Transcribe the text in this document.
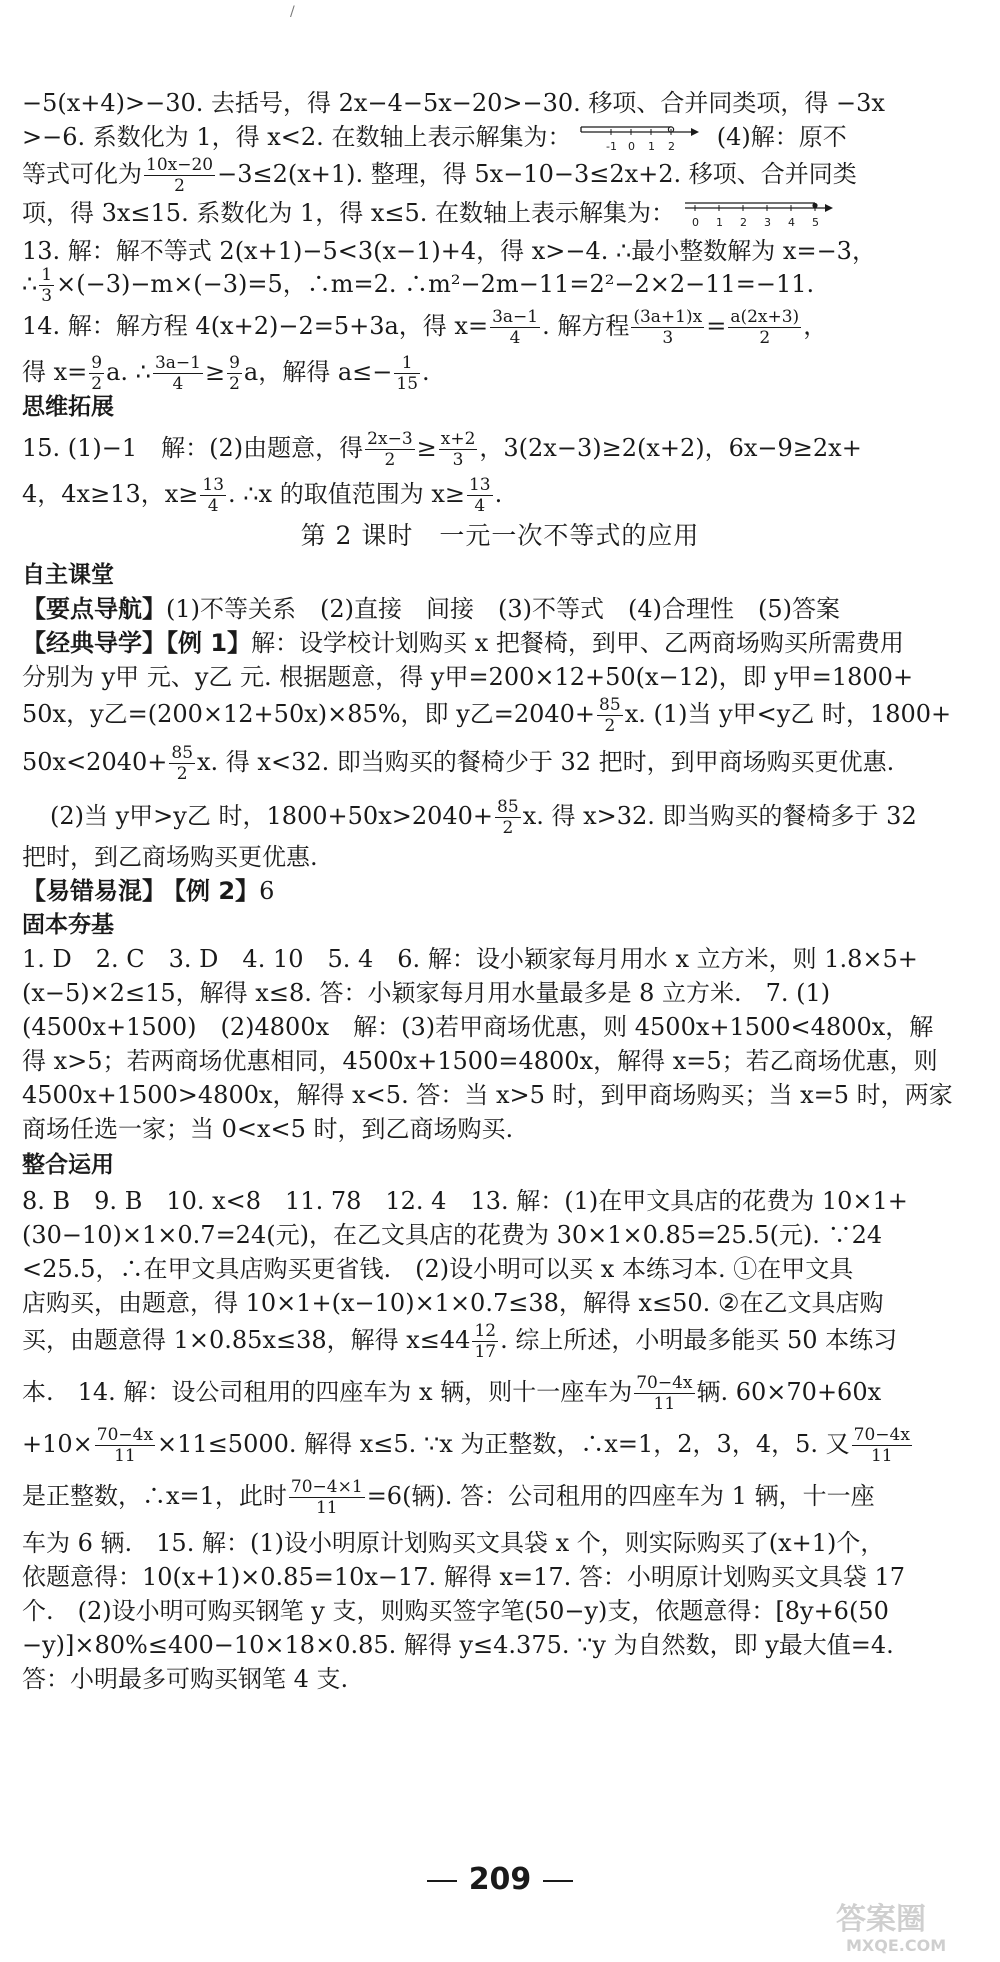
/
−5(x+4)>−30. 去括号，得 2x−4−5x−20>−30. 移项、合并同类项，得 −3x
>−6. 系数化为 1，得 x<2. 在数轴上表示解集为：	-1 0 1 2 (4)解：原不
等式可化为 $\frac{10x-20}{2} -3\le 2(x+1)$. 整理，得 5x−10−3≤2x+2. 移项、合并同类
项，得 3x≤15. 系数化为 1，得 x≤5. 在数轴上表示解集为： 0 1 2 3 4 5
13. 解：解不等式 2(x+1)−5<3(x−1)+4，得 x>−4. ∴最小整数解为 x=−3，
∴ $\frac{1}{3} \times(-3)-m\times(-3)=5$，∴m=2. ∴m²−2m−11=2²−2×2−11=−11.
14. 解：解方程 4(x+2)−2=5+3a，得 $x= \frac{3a-1}{4}$ . 解方程 $\frac{(3a+1)x}{3} = \frac{a(2x+3)}{2}$ ，
得 $x= \frac{9}{2} a$. ∴ $\frac{3a-1}{4} \ge \frac{9}{2}$ a，解得 $a\le- \frac{1}{15}$ .
思维拓展
15. (1)−1　解：(2)由题意，得 $\frac{2x-3}{2} \ge \frac{x+2}{3}$ ，3(2x−3)≥2(x+2)，6x−9≥2x+
4，4x≥13，$x\ge \frac{13}{4}$ . ∴x 的取值范围为 $x\ge \frac{13}{4}$ .
第 2 课时　一元一次不等式的应用
自主课堂
【要点导航】(1)不等关系　(2)直接　间接　(3)不等式　(4)合理性　(5)答案
【经典导学】【例 1】解：设学校计划购买 x 把餐椅，到甲、乙两商场购买所需费用
分别为 y甲 元、y乙 元. 根据题意，得 y甲=200×12+50(x−12)，即 y甲=1800+
50x，y乙=(200×12+50x)×85%，即 y乙$=2040+ \frac{85}{2} x$. (1)当 y甲<y乙 时，1800+
$50x<2040+ \frac{85}{2} x$. 得 x<32. 即当购买的餐椅少于 32 把时，到甲商场购买更优惠.
(2)当 y甲>y乙 时，$1800+50x>2040+ \frac{85}{2} x$. 得 x>32. 即当购买的餐椅多于 32
把时，到乙商场购买更优惠.
【易错易混】 【例 2】6
固本夯基
1. D　2. C　3. D　4. 10　5. 4　6. 解：设小颖家每月用水 x 立方米，则 1.8×5+
(x−5)×2≤15，解得 x≤8. 答：小颖家每月用水量最多是 8 立方米.　7. (1)
(4500x+1500)　(2)4800x　解：(3)若甲商场优惠，则 4500x+1500<4800x，解
得 x>5；若两商场优惠相同，4500x+1500=4800x，解得 x=5；若乙商场优惠，则
4500x+1500>4800x，解得 x<5. 答：当 x>5 时，到甲商场购买；当 x=5 时，两家
商场任选一家；当 0<x<5 时，到乙商场购买.
整合运用
8. B　9. B　10. x<8　11. 78　12. 4　13. 解：(1)在甲文具店的花费为 10×1+
(30−10)×1×0.7=24(元)，在乙文具店的花费为 30×1×0.85=25.5(元). ∵24
<25.5，∴在甲文具店购买更省钱.　(2)设小明可以买 x 本练习本. ①在甲文具
店购买，由题意，得 10×1+(x−10)×1×0.7≤38，解得 x≤50. ②在乙文具店购
买，由题意得 1×0.85x≤38，解得 $x\le 44 \frac{12}{17}$ . 综上所述，小明最多能买 50 本练习
本.　14. 解：设公司租用的四座车为 x 辆，则十一座车为 $\frac{70-4x}{11}$ 辆. 60×70+60x
$+10\times \frac{70-4x}{11} \times 11\le 5000$. 解得 x≤5. ∵x 为正整数，∴x=1，2，3，4，5. 又 $\frac{70-4x}{11}$
是正整数，∴x=1，此时 $\frac{70-4\times 1}{11} =6$(辆). 答：公司租用的四座车为 1 辆，十一座
车为 6 辆.　15. 解：(1)设小明原计划购买文具袋 x 个，则实际购买了(x+1)个，
依题意得：10(x+1)×0.85=10x−17. 解得 x=17. 答：小明原计划购买文具袋 17
个.　(2)设小明可购买钢笔 y 支，则购买签字笔(50−y)支，依题意得：[8y+6(50
−y)]×80%≤400−10×18×0.85. 解得 y≤4.375. ∵y 为自然数，即 y最大值=4.
答：小明最多可购买钢笔 4 支.
209
答案圈
MXQE.COM
